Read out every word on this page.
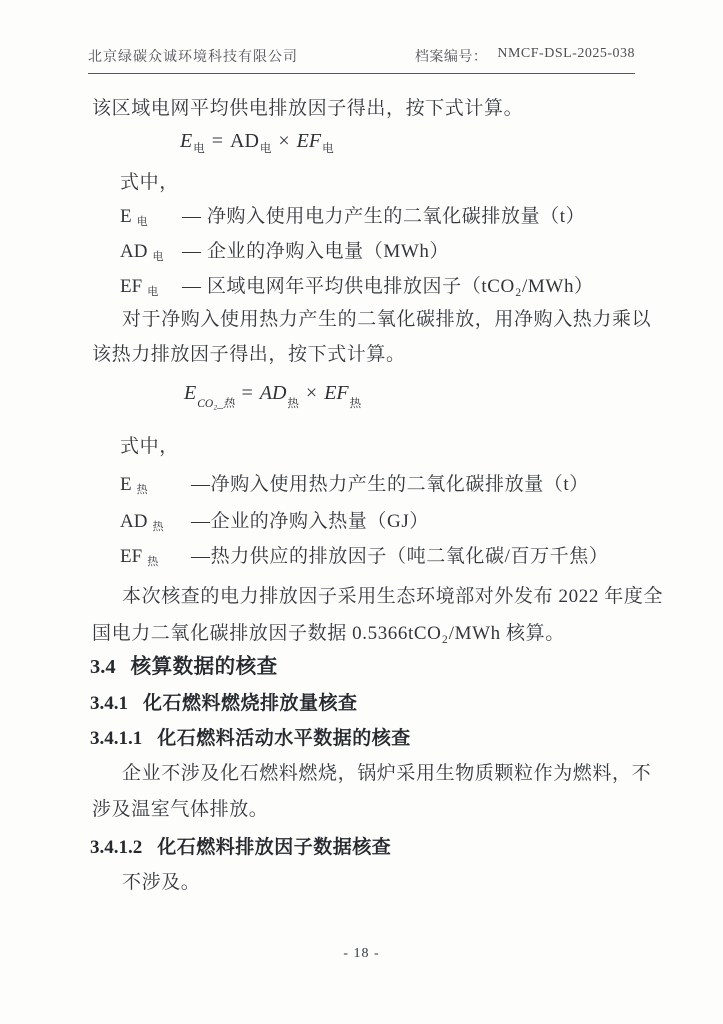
北京绿碳众诚环境科技有限公司	档案编号： NMCF-DSL-2025-038
该区域电网平均供电排放因子得出，按下式计算。
$E_电 = AD_电 \times EF_电$
式中，
E 电 — 净购入使用电力产生的二氧化碳排放量（t）
AD 电 — 企业的净购入电量（MWh）
EF 电 — 区域电网年平均供电排放因子（tCO₂/MWh）
对于净购入使用热力产生的二氧化碳排放，用净购入热力乘以
该热力排放因子得出，按下式计算。
$E_{CO_2\_热} = AD_热 \times EF_热$
式中，
E 热 —净购入使用热力产生的二氧化碳排放量（t）
AD 热 —企业的净购入热量（GJ）
EF 热 —热力供应的排放因子（吨二氧化碳/百万千焦）
本次核查的电力排放因子采用生态环境部对外发布 2022 年度全
国电力二氧化碳排放因子数据 0.5366tCO₂/MWh 核算。
3.4 核算数据的核查
3.4.1 化石燃料燃烧排放量核查
3.4.1.1 化石燃料活动水平数据的核查
企业不涉及化石燃料燃烧，锅炉采用生物质颗粒作为燃料，不
涉及温室气体排放。
3.4.1.2 化石燃料排放因子数据核查
不涉及。
- 18 -
